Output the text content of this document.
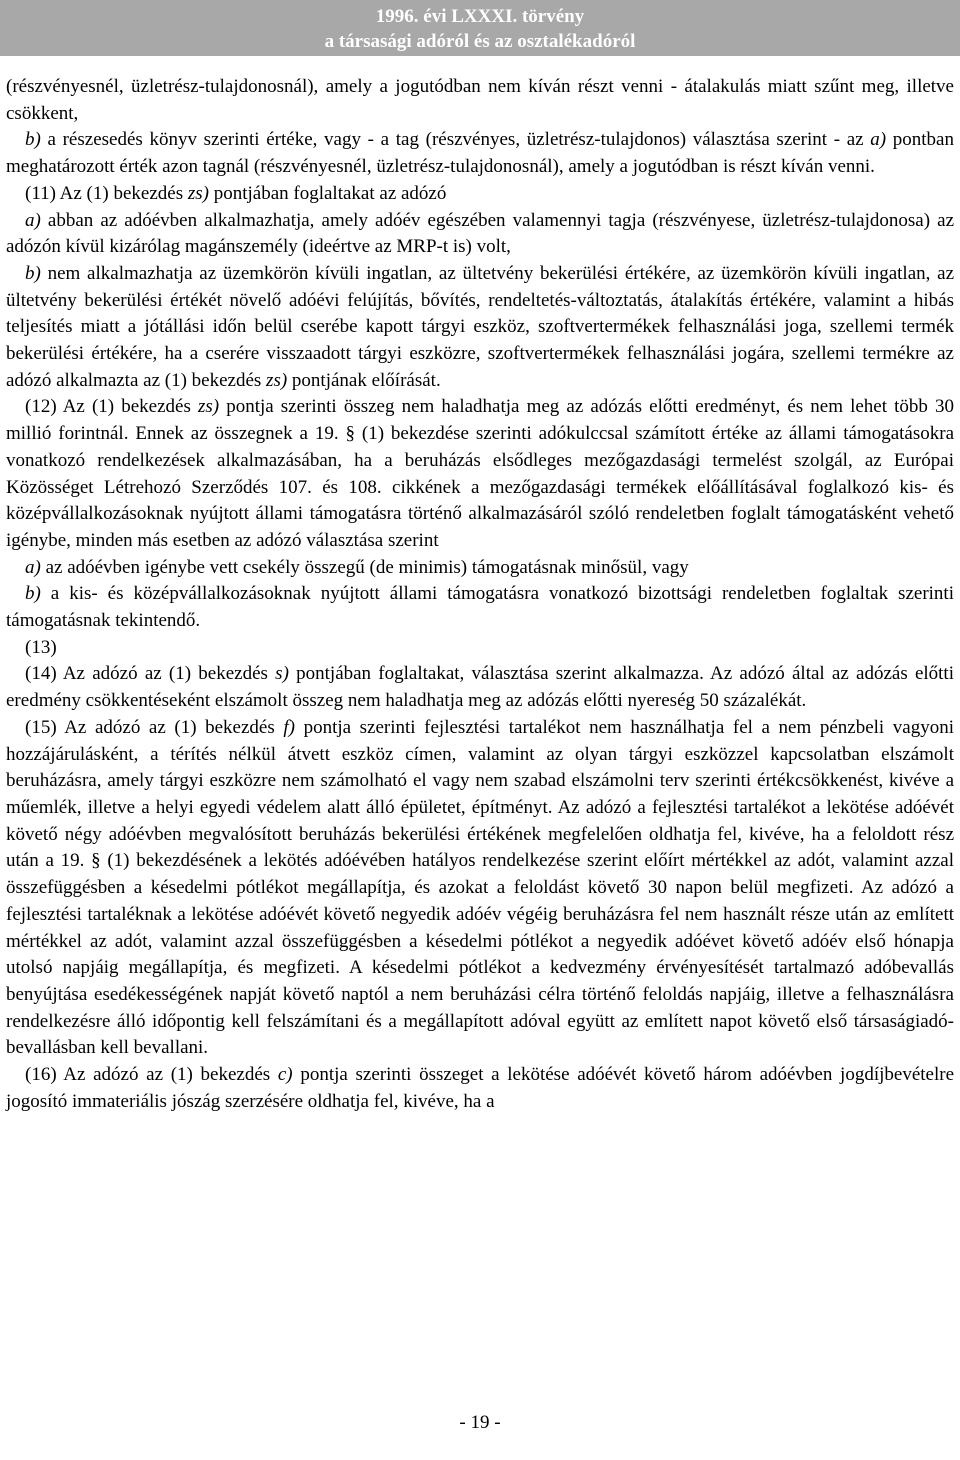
1996. évi LXXXI. törvény
a társasági adóról és az osztalékadóról

(részvényesnél, üzletrész-tulajdonosnál), amely a jogutódban nem kíván részt venni - átalakulás miatt szűnt meg, illetve csökkent,

b) a részesedés könyv szerinti értéke, vagy - a tag (részvényes, üzletrész-tulajdonos) választása szerint - az a) pontban meghatározott érték azon tagnál (részvényesnél, üzletrész-tulajdonosnál), amely a jogutódban is részt kíván venni.

(11) Az (1) bekezdés zs) pontjában foglaltakat az adózó

a) abban az adóévben alkalmazhatja, amely adóév egészében valamennyi tagja (részvényese, üzletrész-tulajdonosa) az adózón kívül kizárólag magánszemély (ideértve az MRP-t is) volt,

b) nem alkalmazhatja az üzemkörön kívüli ingatlan, az ültetvény bekerülési értékére, az üzemkörön kívüli ingatlan, az ültetvény bekerülési értékét növelő adóévi felújítás, bővítés, rendeltetés-változtatás, átalakítás értékére, valamint a hibás teljesítés miatt a jótállási időn belül cserébe kapott tárgyi eszköz, szoftvertermékek felhasználási joga, szellemi termék bekerülési értékére, ha a cserére visszaadott tárgyi eszközre, szoftvertermékek felhasználási jogára, szellemi termékre az adózó alkalmazta az (1) bekezdés zs) pontjának előírását.

(12) Az (1) bekezdés zs) pontja szerinti összeg nem haladhatja meg az adózás előtti eredményt, és nem lehet több 30 millió forintnál. Ennek az összegnek a 19. § (1) bekezdése szerinti adókulccsal számított értéke az állami támogatásokra vonatkozó rendelkezések alkalmazásában, ha a beruházás elsődleges mezőgazdasági termelést szolgál, az Európai Közösséget Létrehozó Szerződés 107. és 108. cikkének a mezőgazdasági termékek előállításával foglalkozó kis- és középvállalkozásoknak nyújtott állami támogatásra történő alkalmazásáról szóló rendeletben foglalt támogatásként vehető igénybe, minden más esetben az adózó választása szerint

a) az adóévben igénybe vett csekély összegű (de minimis) támogatásnak minősül, vagy

b) a kis- és középvállalkozásoknak nyújtott állami támogatásra vonatkozó bizottsági rendeletben foglaltak szerinti támogatásnak tekintendő.

(13)

(14) Az adózó az (1) bekezdés s) pontjában foglaltakat, választása szerint alkalmazza. Az adózó által az adózás előtti eredmény csökkentéseként elszámolt összeg nem haladhatja meg az adózás előtti nyereség 50 százalékát.

(15) Az adózó az (1) bekezdés f) pontja szerinti fejlesztési tartalékot nem használhatja fel a nem pénzbeli vagyoni hozzájárulásként, a térítés nélkül átvett eszköz címen, valamint az olyan tárgyi eszközzel kapcsolatban elszámolt beruházásra, amely tárgyi eszközre nem számolható el vagy nem szabad elszámolni terv szerinti értékcsökkenést, kivéve a műemlék, illetve a helyi egyedi védelem alatt álló épületet, építményt. Az adózó a fejlesztési tartalékot a lekötése adóévét követő négy adóévben megvalósított beruházás bekerülési értékének megfelelően oldhatja fel, kivéve, ha a feloldott rész után a 19. § (1) bekezdésének a lekötés adóévében hatályos rendelkezése szerint előírt mértékkel az adót, valamint azzal összefüggésben a késedelmi pótlékot megállapítja, és azokat a feloldást követő 30 napon belül megfizeti. Az adózó a fejlesztési tartaléknak a lekötése adóévét követő negyedik adóév végéig beruházásra fel nem használt része után az említett mértékkel az adót, valamint azzal összefüggésben a késedelmi pótlékot a negyedik adóévet követő adóév első hónapja utolsó napjáig megállapítja, és megfizeti. A késedelmi pótlékot a kedvezmény érvényesítését tartalmazó adóbevallás benyújtása esedékességének napját követő naptól a nem beruházási célra történő feloldás napjáig, illetve a felhasználásra rendelkezésre álló időpontig kell felszámítani és a megállapított adóval együtt az említett napot követő első társaságiadó-bevallásban kell bevallani.

(16) Az adózó az (1) bekezdés c) pontja szerinti összeget a lekötése adóévét követő három adóévben jogdíjbevételre jogosító immateriális jószág szerzésére oldhatja fel, kivéve, ha a

- 19 -
